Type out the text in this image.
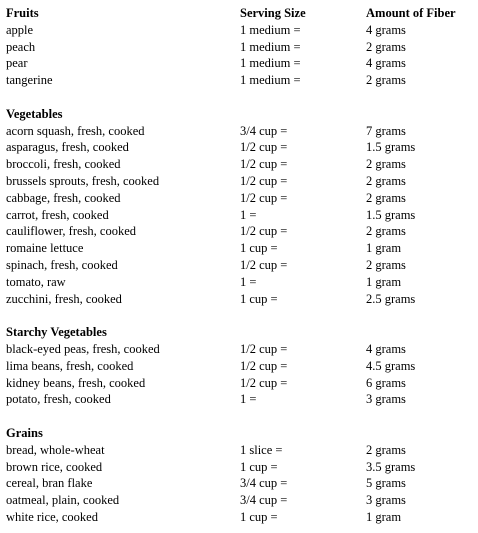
Fruits	Serving Size	Amount of Fiber
apple	1 medium =	4 grams
peach	1 medium =	2 grams
pear	1 medium =	4 grams
tangerine	1 medium =	2 grams
Vegetables
acorn squash, fresh, cooked	3/4 cup =	7 grams
asparagus, fresh, cooked	1/2 cup =	1.5 grams
broccoli, fresh, cooked	1/2 cup =	2 grams
brussels sprouts, fresh, cooked	1/2 cup =	2 grams
cabbage, fresh, cooked	1/2 cup =	2 grams
carrot, fresh, cooked	1 =	1.5 grams
cauliflower, fresh, cooked	1/2 cup =	2 grams
romaine lettuce	1 cup =	1 gram
spinach, fresh, cooked	1/2 cup =	2 grams
tomato, raw	1 =	1 gram
zucchini, fresh, cooked	1 cup =	2.5 grams
Starchy Vegetables
black-eyed peas, fresh, cooked	1/2 cup =	4 grams
lima beans, fresh, cooked	1/2 cup =	4.5 grams
kidney beans, fresh, cooked	1/2 cup =	6 grams
potato, fresh, cooked	1 =	3 grams
Grains
bread, whole-wheat	1 slice =	2 grams
brown rice, cooked	1 cup =	3.5 grams
cereal, bran flake	3/4 cup =	5 grams
oatmeal, plain, cooked	3/4 cup =	3 grams
white rice, cooked	1 cup =	1 gram
